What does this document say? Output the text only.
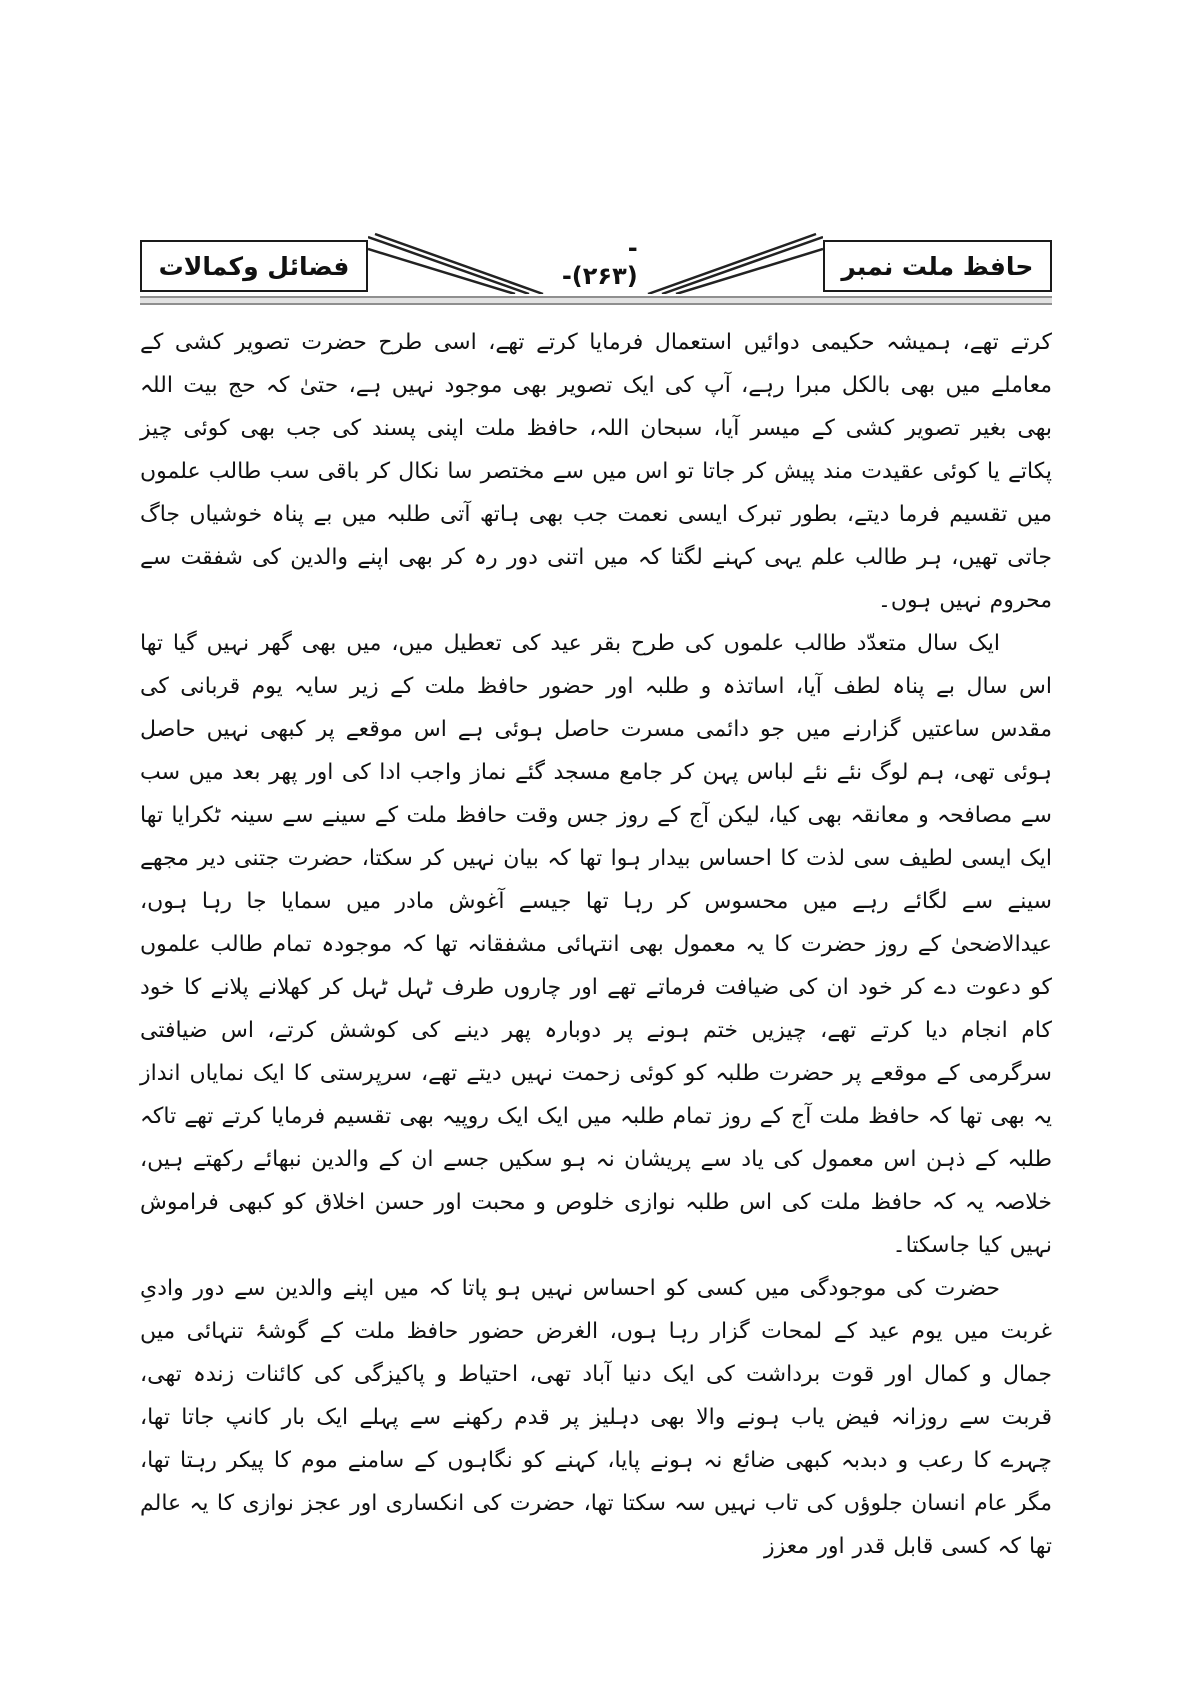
حافظ ملت نمبر
-(۲۶۳)-
فضائل وکمالات

کرتے تھے، ہمیشہ حکیمی دوائیں استعمال فرمایا کرتے تھے، اسی طرح حضرت تصویر کشی کے معاملے میں بھی بالکل مبرا رہے، آپ کی ایک تصویر بھی موجود نہیں ہے، حتیٰ کہ حج بیت اللہ بھی بغیر تصویر کشی کے میسر آیا، سبحان اللہ، حافظ ملت اپنی پسند کی جب بھی کوئی چیز پکاتے یا کوئی عقیدت مند پیش کر جاتا تو اس میں سے مختصر سا نکال کر باقی سب طالب علموں میں تقسیم فرما دیتے، بطور تبرک ایسی نعمت جب بھی ہاتھ آتی طلبہ میں بے پناہ خوشیاں جاگ جاتی تھیں، ہر طالب علم یہی کہنے لگتا کہ میں اتنی دور رہ کر بھی اپنے والدین کی شفقت سے محروم نہیں ہوں۔

ایک سال متعدّد طالب علموں کی طرح بقر عید کی تعطیل میں، میں بھی گھر نہیں گیا تھا اس سال بے پناہ لطف آیا، اساتذہ و طلبہ اور حضور حافظ ملت کے زیر سایہ یوم قربانی کی مقدس ساعتیں گزارنے میں جو دائمی مسرت حاصل ہوئی ہے اس موقعے پر کبھی نہیں حاصل ہوئی تھی، ہم لوگ نئے نئے لباس پہن کر جامع مسجد گئے نماز واجب ادا کی اور پھر بعد میں سب سے مصافحہ و معانقہ بھی کیا، لیکن آج کے روز جس وقت حافظ ملت کے سینے سے سینہ ٹکرایا تھا ایک ایسی لطیف سی لذت کا احساس بیدار ہوا تھا کہ بیان نہیں کر سکتا، حضرت جتنی دیر مجھے سینے سے لگائے رہے میں محسوس کر رہا تھا جیسے آغوش مادر میں سمایا جا رہا ہوں، عیدالاضحیٰ کے روز حضرت کا یہ معمول بھی انتہائی مشفقانہ تھا کہ موجودہ تمام طالب علموں کو دعوت دے کر خود ان کی ضیافت فرماتے تھے اور چاروں طرف ٹہل ٹہل کر کھلانے پلانے کا خود کام انجام دیا کرتے تھے، چیزیں ختم ہونے پر دوبارہ پھر دینے کی کوشش کرتے، اس ضیافتی سرگرمی کے موقعے پر حضرت طلبہ کو کوئی زحمت نہیں دیتے تھے، سرپرستی کا ایک نمایاں انداز یہ بھی تھا کہ حافظ ملت آج کے روز تمام طلبہ میں ایک ایک روپیہ بھی تقسیم فرمایا کرتے تھے تاکہ طلبہ کے ذہن اس معمول کی یاد سے پریشان نہ ہو سکیں جسے ان کے والدین نبھائے رکھتے ہیں، خلاصہ یہ کہ حافظ ملت کی اس طلبہ نوازی خلوص و محبت اور حسن اخلاق کو کبھی فراموش نہیں کیا جاسکتا۔

حضرت کی موجودگی میں کسی کو احساس نہیں ہو پاتا کہ میں اپنے والدین سے دور وادیِ غربت میں یوم عید کے لمحات گزار رہا ہوں، الغرض حضور حافظ ملت کے گوشۂ تنہائی میں جمال و کمال اور قوت برداشت کی ایک دنیا آباد تھی، احتیاط و پاکیزگی کی کائنات زندہ تھی، قربت سے روزانہ فیض یاب ہونے والا بھی دہلیز پر قدم رکھنے سے پہلے ایک بار کانپ جاتا تھا، چہرے کا رعب و دبدبہ کبھی ضائع نہ ہونے پایا، کہنے کو نگاہوں کے سامنے موم کا پیکر رہتا تھا، مگر عام انسان جلوؤں کی تاب نہیں سہ سکتا تھا، حضرت کی انکساری اور عجز نوازی کا یہ عالم تھا کہ کسی قابل قدر اور معزز
